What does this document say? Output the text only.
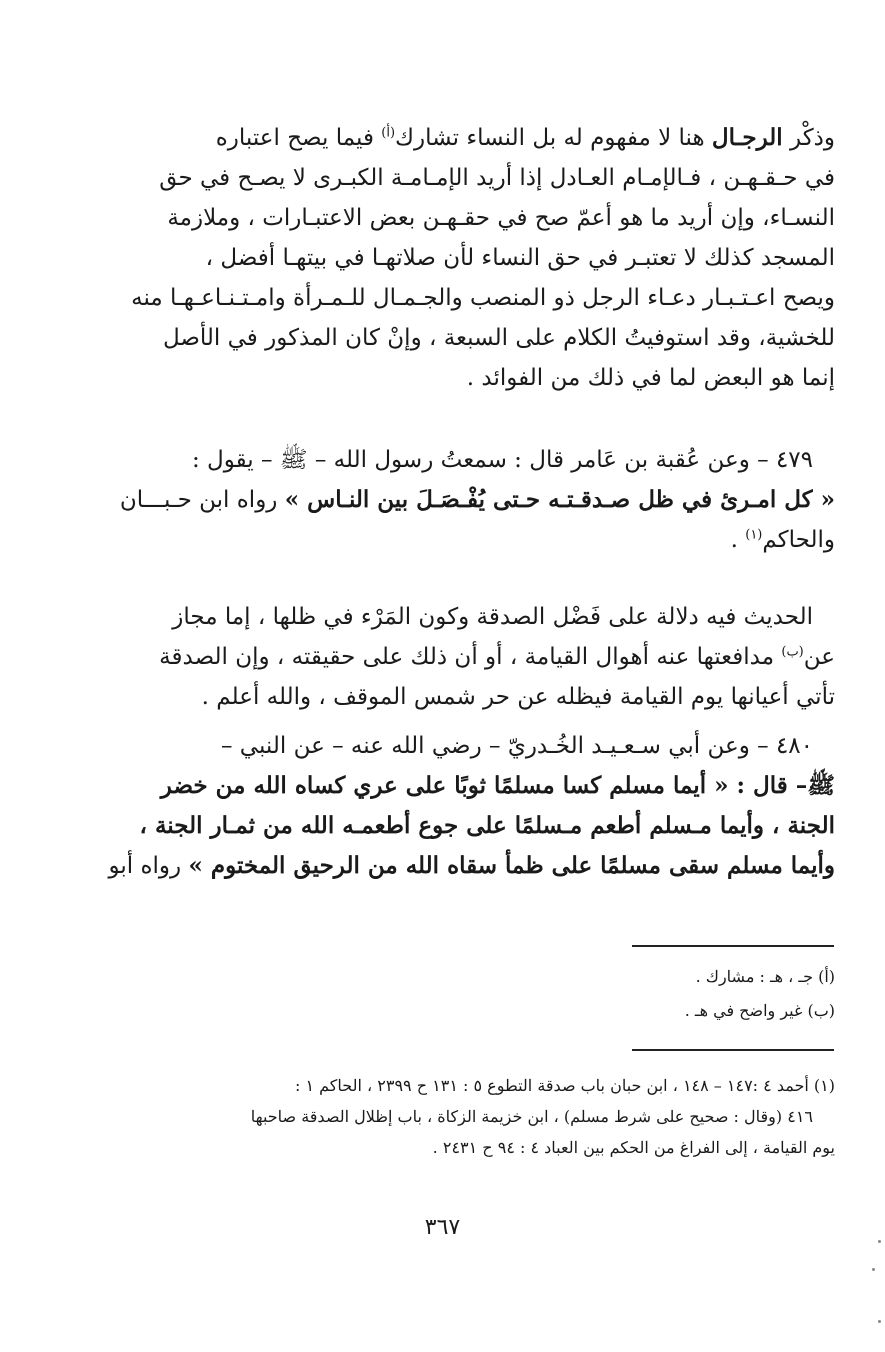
وذكْر الرجـال هنا لا مفهوم له بل النساء تشارك$^{(أ)}$ فيما يصح اعتباره
في حـقـهـن ، فـالإمـام العـادل إذا أريد الإمـامـة الكبـرى لا يصـح في حق
النسـاء، وإن أريد ما هو أعمّ صح في حقـهـن بعض الاعتبـارات ، وملازمة
المسجد كذلك لا تعتبـر في حق النساء لأن صلاتهـا في بيتهـا أفضل ،
ويصح اعـتـبـار دعـاء الرجل ذو المنصب والجـمـال للـمـرأة وامـتـنـاعـهـا منه
للخشية، وقد استوفيتُ الكلام على السبعة ، وإنْ كان المذكور في الأصل
إنما هو البعض لما في ذلك من الفوائد .
٤٧٩ – وعن عُقبة بن عَامر قال : سمعتُ رسول الله – ﷺ – يقول :
« كل امـرئ في ظل صـدقـتـه حـتى يُفْـصَـلَ بين النـاس » رواه ابن حـبـــان
والحاكم$^{(١)}$ .
الحديث فيه دلالة على فَضْل الصدقة وكون المَرْء في ظلها ، إما مجاز
عن$^{(ب)}$ مدافعتها عنه أهوال القيامة ، أو أن ذلك على حقيقته ، وإن الصدقة
تأتي أعيانها يوم القيامة فيظله عن حر شمس الموقف ، والله أعلم .
٤٨٠ – وعن أبي سـعـيـد الخُـدريّ – رضي الله عنه – عن النبي –
ﷺ– قال : « أيما مسلم كسا مسلمًا ثوبًا على عري كساه الله من خضر
الجنة ، وأيما مـسلم أطعم مـسلمًا على جوع أطعمـه الله من ثمـار الجنة ،
وأيما مسلم سقى مسلمًا على ظمأ سقاه الله من الرحيق المختوم » رواه أبو
(أ) جـ ، هـ : مشارك .
(ب) غير واضح في هـ .
(١) أحمد ٤ :١٤٧ – ١٤٨ ، ابن حبان باب صدقة التطوع ٥ : ١٣١ ح ٢٣٩٩ ، الحاكم ١ :
٤١٦ (وقال : صحيح على شرط مسلم) ، ابن خزيمة الزكاة ، باب إظلال الصدقة صاحبها
يوم القيامة ، إلى الفراغ من الحكم بين العباد ٤ : ٩٤ ح ٢٤٣١ .
٣٦٧
